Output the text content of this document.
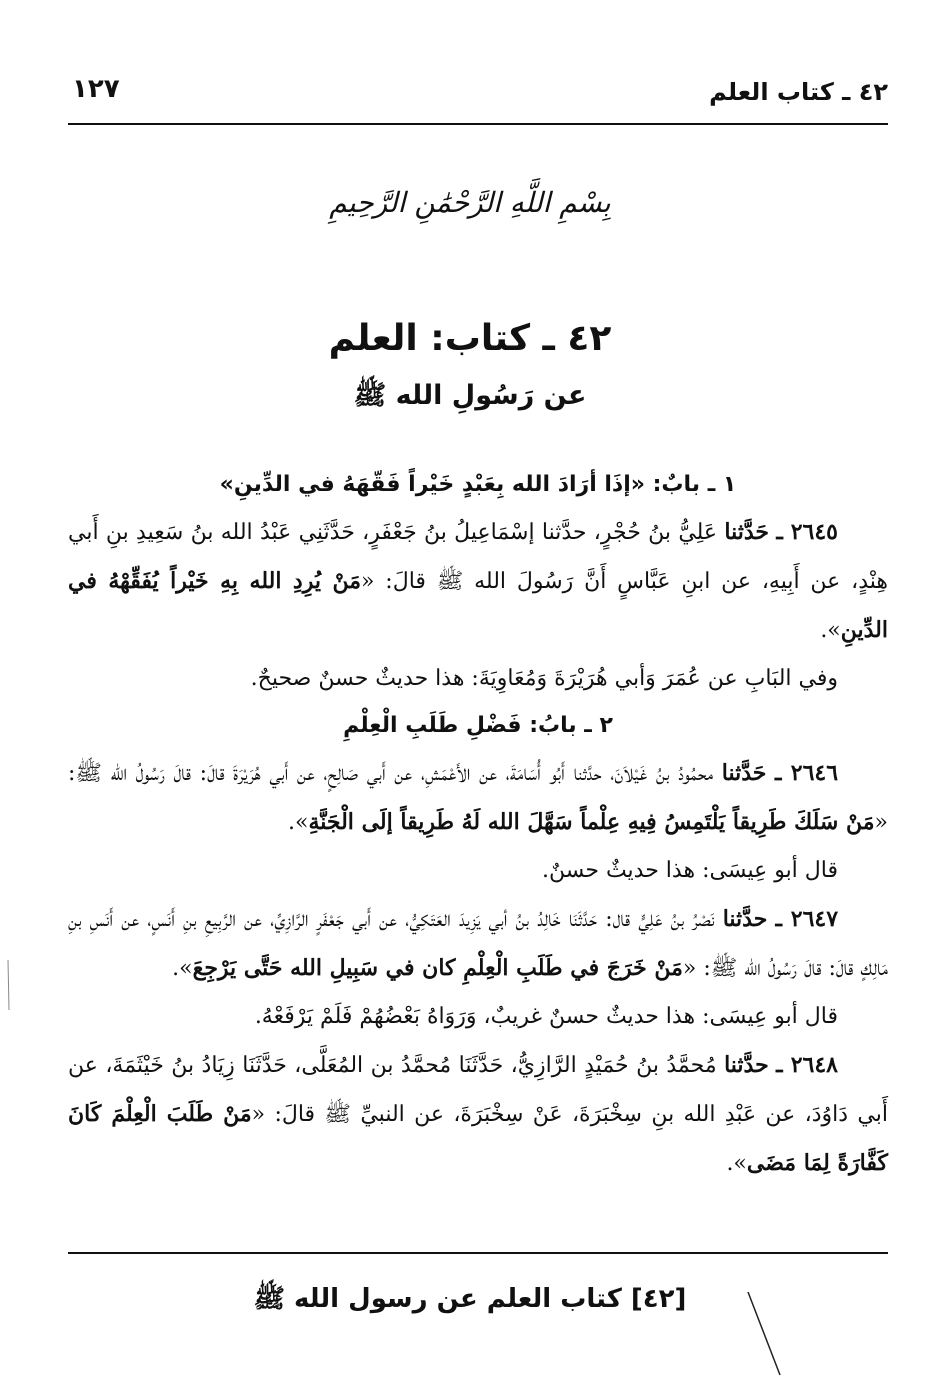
٤٢ ـ كتاب العلم
١٢٧
بِسْمِ اللَّهِ الرَّحْمَٰنِ الرَّحِيمِ
٤٢ ـ كتاب: العلم
عن رَسُولِ الله ﷺ
١ ـ بابٌ: «إذَا أرَادَ الله بِعَبْدٍ خَيْراً فَقّهَهُ في الدِّينِ»

٢٦٤٥ ـ حَدَّثنا عَلِيُّ بنُ حُجْرٍ، حدَّثنا إسْمَاعِيلُ بنُ جَعْفَرٍ، حَدَّثَنِي عَبْدُ الله بنُ سَعِيدِ بنِ أَبي هِنْدٍ، عن أَبِيهِ، عن ابنِ عَبَّاسٍ أَنَّ رَسُولَ الله ﷺ قالَ: «مَنْ يُرِدِ الله بِهِ خَيْراً يُفَقِّهْهُ في الدِّينِ».

وفي البَابِ عن عُمَرَ وَأبي هُرَيْرَةَ وَمُعَاوِيَةَ: هذا حديثٌ حسنٌ صحيحٌ.

٢ ـ بابُ: فَضْلِ طَلَبِ الْعِلْمِ

٢٦٤٦ ـ حَدَّثنا محمُودُ بنُ غَيْلاَنَ، حدَّثنا أَبُو أُسَامَةَ، عن الأَعْمَشِ، عن أَبي صَالِحٍ، عن أَبي هُرَيْرَةَ قالَ: قالَ رَسُولُ الله ﷺ: «مَنْ سَلَكَ طَرِيقاً يَلْتَمِسُ فِيهِ عِلْماً سَهَّلَ الله لَهُ طَرِيقاً إلَى الْجَنَّةِ».

قال أبو عِيسَى: هذا حديثٌ حسنٌ.

٢٦٤٧ ـ حدَّثنا نَصْرُ بنُ عَلِيٍّ قال: حَدَّثَنَا خَالِدُ بنُ أبي يَزِيدَ العَتَكِيُّ، عن أَبي جَعْفَرٍ الرَّازِيِّ، عن الرَّبِيعِ بنِ أَنَسٍ، عن أَنَسِ بنِ مَالِكٍ قالَ: قالَ رَسُولُ الله ﷺ: «مَنْ خَرَجَ في طَلَبِ الْعِلْمِ كان في سَبِيلِ الله حَتَّى يَرْجِعَ».

قال أبو عِيسَى: هذا حديثٌ حسنٌ غريبٌ، وَرَوَاهُ بَعْضُهُمْ فَلَمْ يَرْفَعْهُ.

٢٦٤٨ ـ حدَّثنا مُحمَّدُ بنُ حُمَيْدٍ الرَّازِيُّ، حَدَّثَنَا مُحمَّدُ بن المُعَلَّى، حَدَّثَنَا زِيَادُ بنُ خَيْثَمَةَ، عن أَبي دَاوُدَ، عن عَبْدِ الله بنِ سِخْبَرَةَ، عَنْ سِخْبَرَةَ، عن النبيِّ ﷺ قالَ: «مَنْ طَلَبَ الْعِلْمَ كَانَ كَفَّارَةً لِمَا مَضَى».

[٤٢] كتاب العلم عن رسول الله ﷺ
